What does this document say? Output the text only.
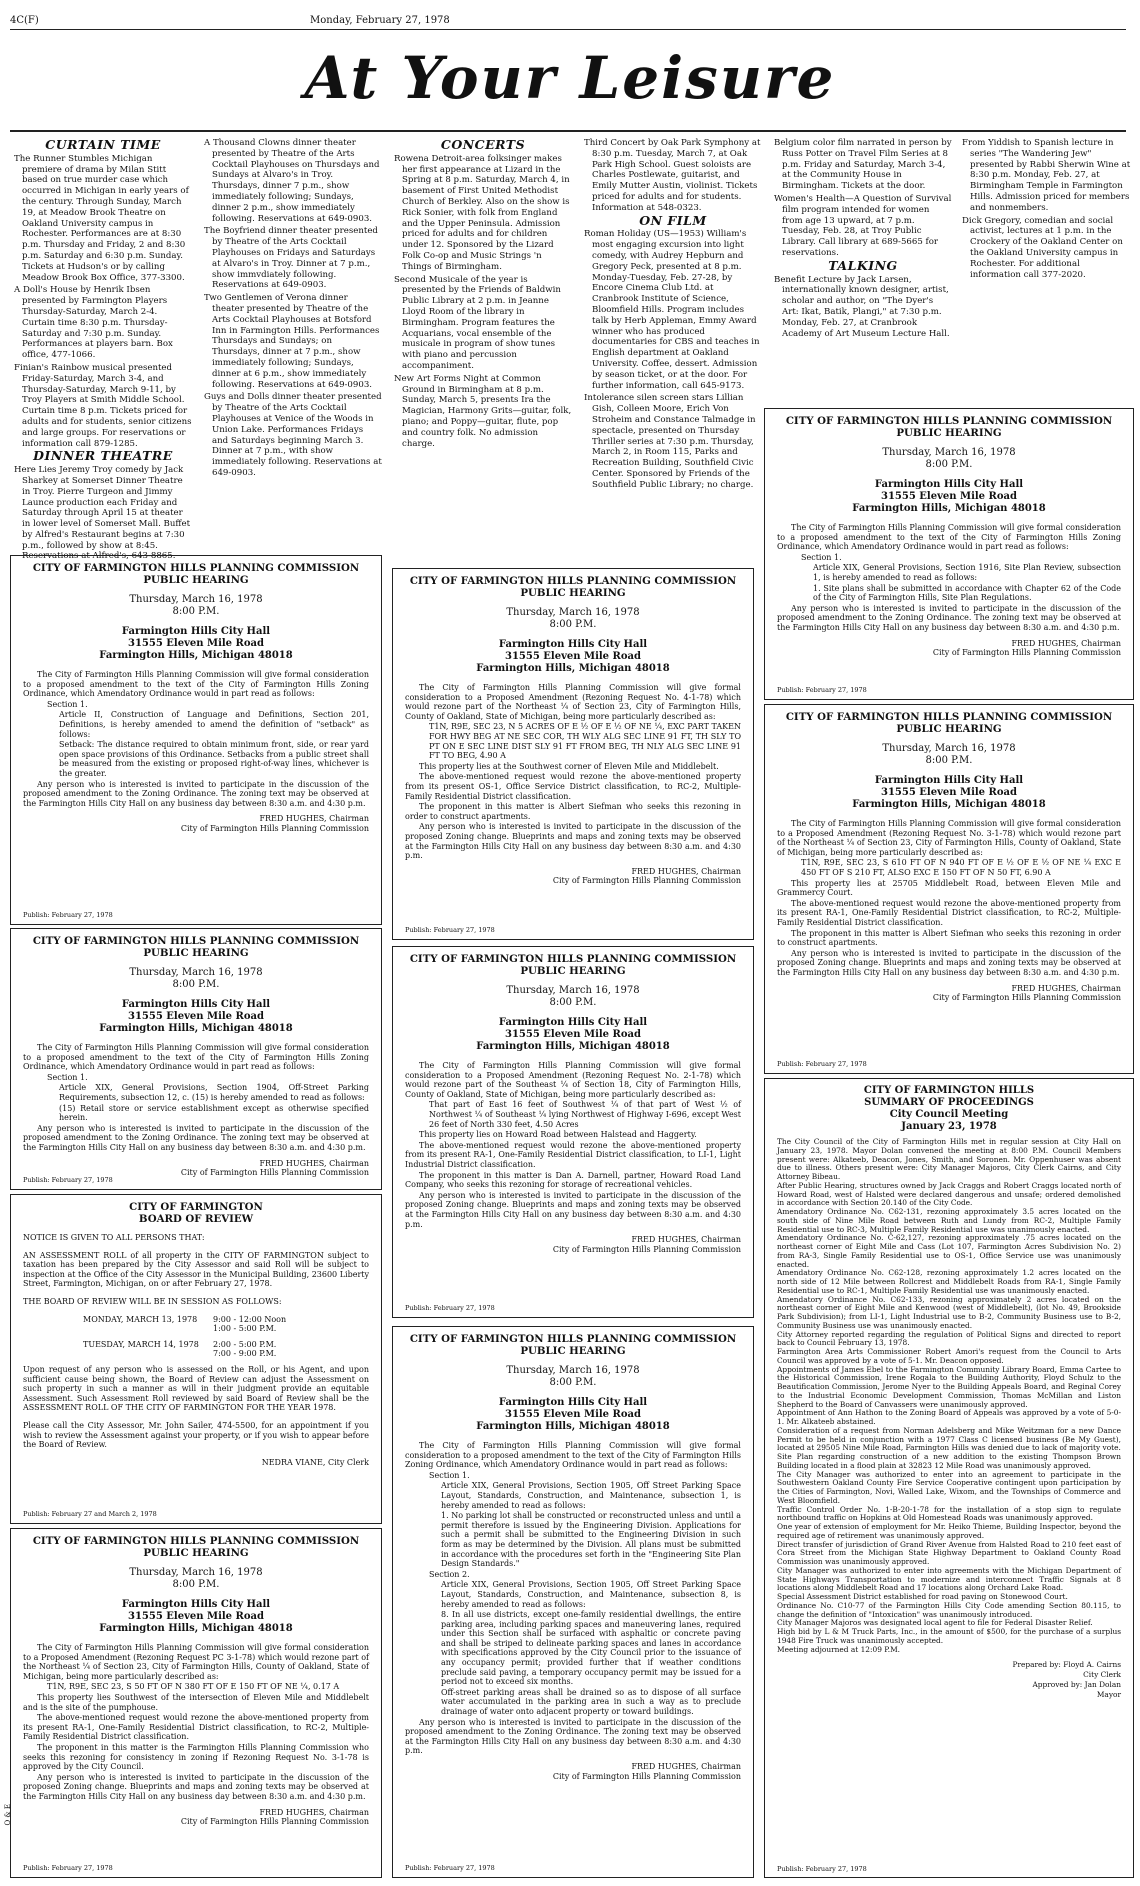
4C(F)	Monday, February 27, 1978
At Your Leisure
CURTAIN TIME

The Runner Stumbles Michigan premiere of drama by Milan Stitt based on true murder case which occurred in Michigan in early years of the century. Through Sunday, March 19, at Meadow Brook Theatre on Oakland University campus in Rochester. Performances are at 8:30 p.m. Thursday and Friday, 2 and 8:30 p.m. Saturday and 6:30 p.m. Sunday. Tickets at Hudson's or by calling Meadow Brook Box Office, 377-3300.

A Doll's House by Henrik Ibsen presented by Farmington Players Thursday-Saturday, March 2-4. Curtain time 8:30 p.m. Thursday-Saturday and 7:30 p.m. Sunday. Performances at players barn. Box office, 477-1066.

Finian's Rainbow musical presented Friday-Saturday, March 3-4, and Thursday-Saturday, March 9-11, by Troy Players at Smith Middle School. Curtain time 8 p.m. Tickets priced for adults and for students, senior citizens and large groups. For reservations or information call 879-1285.

DINNER THEATRE

Here Lies Jeremy Troy comedy by Jack Sharkey at Somerset Dinner Theatre in Troy. Pierre Turgeon and Jimmy Launce production each Friday and Saturday through April 15 at theater in lower level of Somerset Mall. Buffet by Alfred's Restaurant begins at 7:30 p.m., followed by show at 8:45. Reservations at Alfred's, 643-8865.

A Thousand Clowns dinner theater presented by Theatre of the Arts Cocktail Playhouses on Thursdays and Sundays at Alvaro's in Troy. Thursdays, dinner 7 p.m., show immediately following; Sundays, dinner 2 p.m., show immediately following. Reservations at 649-0903.

The Boyfriend dinner theater presented by Theatre of the Arts Cocktail Playhouses on Fridays and Saturdays at Alvaro's in Troy. Dinner at 7 p.m., show immvdiately following. Reservations at 649-0903.

Two Gentlemen of Verona dinner theater presented by Theatre of the Arts Cocktail Playhouses at Botsford Inn in Farmington Hills. Performances Thursdays and Sundays; on Thursdays, dinner at 7 p.m., show immediately following; Sundays, dinner at 6 p.m., show immediately following. Reservations at 649-0903.

Guys and Dolls dinner theater presented by Theatre of the Arts Cocktail Playhouses at Venice of the Woods in Union Lake. Performances Fridays and Saturdays beginning March 3. Dinner at 7 p.m., with show immediately following. Reservations at 649-0903.

CONCERTS

Rowena Detroit-area folksinger makes her first appearance at Lizard in the Spring at 8 p.m. Saturday, March 4, in basement of First United Methodist Church of Berkley. Also on the show is Rick Sonier, with folk from England and the Upper Peninsula. Admission priced for adults and for children under 12. Sponsored by the Lizard Folk Co-op and Music Strings 'n Things of Birmingham.

Second Musicale of the year is presented by the Friends of Baldwin Public Library at 2 p.m. in Jeanne Lloyd Room of the library in Birmingham. Program features the Acquarians, vocal ensemble of the musicale in program of show tunes with piano and percussion accompaniment.

New Art Forms Night at Common Ground in Birmingham at 8 p.m. Sunday, March 5, presents Ira the Magician, Harmony Grits—guitar, folk, piano; and Poppy—guitar, flute, pop and country folk. No admission charge.

Third Concert by Oak Park Symphony at 8:30 p.m. Tuesday, March 7, at Oak Park High School. Guest soloists are Charles Postlewate, guitarist, and Emily Mutter Austin, violinist. Tickets priced for adults and for students. Information at 548-0323.

ON FILM

Roman Holiday (US—1953) William's most engaging excursion into light comedy, with Audrey Hepburn and Gregory Peck, presented at 8 p.m. Monday-Tuesday, Feb. 27-28, by Encore Cinema Club Ltd. at Cranbrook Institute of Science, Bloomfield Hills. Program includes talk by Herb Appleman, Emmy Award winner who has produced documentaries for CBS and teaches in English department at Oakland University. Coffee, dessert. Admission by season ticket, or at the door. For further information, call 645-9173.

Intolerance silen screen stars Lillian Gish, Colleen Moore, Erich Von Stroheim and Constance Talmadge in spectacle, presented on Thursday Thriller series at 7:30 p.m. Thursday, March 2, in Room 115, Parks and Recreation Building, Southfield Civic Center. Sponsored by Friends of the Southfield Public Library; no charge.

Belgium color film narrated in person by Russ Potter on Travel Film Series at 8 p.m. Friday and Saturday, March 3-4, at the Community House in Birmingham. Tickets at the door.

Women's Health—A Question of Survival film program intended for women from age 13 upward, at 7 p.m. Tuesday, Feb. 28, at Troy Public Library. Call library at 689-5665 for reservations.

TALKING

Benefit Lecture by Jack Larsen, internationally known designer, artist, scholar and author, on "The Dyer's Art: Ikat, Batik, Plangi," at 7:30 p.m. Monday, Feb. 27, at Cranbrook Academy of Art Museum Lecture Hall.

From Yiddish to Spanish lecture in series "The Wandering Jew" presented by Rabbi Sherwin Wine at 8:30 p.m. Monday, Feb. 27, at Birmingham Temple in Farmington Hills. Admission priced for members and nonmembers.

Dick Gregory, comedian and social activist, lectures at 1 p.m. in the Crockery of the Oakland Center on the Oakland University campus in Rochester. For additional information call 377-2020.

CITY OF FARMINGTON HILLS PLANNING COMMISSION
PUBLIC HEARING
Thursday, March 16, 1978
8:00 P.M.
Farmington Hills City Hall
31555 Eleven Mile Road
Farmington Hills, Michigan 48018

The City of Farmington Hills Planning Commission will give formal consideration to a proposed amendment to the text of the City of Farmington Hills Zoning Ordinance, which Amendatory Ordinance would in part read as follows:

Section 1.

Article II, Construction of Language and Definitions, Section 201, Definitions, is hereby amended to amend the definition of "setback" as follows:

Setback: The distance required to obtain minimum front, side, or rear yard open space provisions of this Ordinance. Setbacks from a public street shall be measured from the existing or proposed right-of-way lines, whichever is the greater.

Any person who is interested is invited to participate in the discussion of the proposed amendment to the Zoning Ordinance. The zoning text may be observed at the Farmington Hills City Hall on any business day between 8:30 a.m. and 4:30 p.m.

FRED HUGHES, Chairman
City of Farmington Hills Planning Commission
Publish: February 27, 1978
CITY OF FARMINGTON HILLS PLANNING COMMISSION
PUBLIC HEARING
Thursday, March 16, 1978
8:00 P.M.
Farmington Hills City Hall
31555 Eleven Mile Road
Farmington Hills, Michigan 48018

The City of Farmington Hills Planning Commission will give formal consideration to a proposed amendment to the text of the City of Farmington Hills Zoning Ordinance, which Amendatory Ordinance would in part read as follows:

Section 1.

Article XIX, General Provisions, Section 1904, Off-Street Parking Requirements, subsection 12, c. (15) is hereby amended to read as follows:

(15) Retail store or service establishment except as otherwise specified herein.

Any person who is interested is invited to participate in the discussion of the proposed amendment to the Zoning Ordinance. The zoning text may be observed at the Farmington Hills City Hall on any business day between 8:30 a.m. and 4:30 p.m.

FRED HUGHES, Chairman
City of Farmington Hills Planning Commission
Publish: February 27, 1978
CITY OF FARMINGTON
BOARD OF REVIEW

NOTICE IS GIVEN TO ALL PERSONS THAT:

AN ASSESSMENT ROLL of all property in the CITY OF FARMINGTON subject to taxation has been prepared by the City Assessor and said Roll will be subject to inspection at the Office of the City Assessor in the Municipal Building, 23600 Liberty Street, Farmington, Michigan, on or after February 27, 1978.

THE BOARD OF REVIEW WILL BE IN SESSION AS FOLLOWS:

MONDAY, MARCH 13, 1978	9:00 - 12:00 Noon
1:00 - 5:00 P.M.
TUESDAY, MARCH 14, 1978	2:00 - 5:00 P.M.
7:00 - 9:00 P.M.

Upon request of any person who is assessed on the Roll, or his Agent, and upon sufficient cause being shown, the Board of Review can adjust the Assessment on such property in such a manner as will in their judgment provide an equitable Assessment. Such Assessment Roll reviewed by said Board of Review shall be the ASSESSMENT ROLL OF THE CITY OF FARMINGTON FOR THE YEAR 1978.

Please call the City Assessor, Mr. John Sailer, 474-5500, for an appointment if you wish to review the Assessment against your property, or if you wish to appear before the Board of Review.

NEDRA VIANE, City Clerk
Publish: February 27 and March 2, 1978
CITY OF FARMINGTON HILLS PLANNING COMMISSION
PUBLIC HEARING
Thursday, March 16, 1978
8:00 P.M.
Farmington Hills City Hall
31555 Eleven Mile Road
Farmington Hills, Michigan 48018

The City of Farmington Hills Planning Commission will give formal consideration to a Proposed Amendment (Rezoning Request PC 3-1-78) which would rezone part of the Northeast ¼ of Section 23, City of Farmington Hills, County of Oakland, State of Michigan, being more particularly described as:

T1N, R9E, SEC 23, S 50 FT OF N 380 FT OF E 150 FT OF NE ¼, 0.17 A

This property lies Southwest of the intersection of Eleven Mile and Middlebelt and is the site of the pumphouse.

The above-mentioned request would rezone the above-mentioned property from its present RA-1, One-Family Residential District classification, to RC-2, Multiple-Family Residential District classification.

The proponent in this matter is the Farmington Hills Planning Commission who seeks this rezoning for consistency in zoning if Rezoning Request No. 3-1-78 is approved by the City Council.

Any person who is interested is invited to participate in the discussion of the proposed Zoning change. Blueprints and maps and zoning texts may be observed at the Farmington Hills City Hall on any business day between 8:30 a.m. and 4:30 p.m.

FRED HUGHES, Chairman
City of Farmington Hills Planning Commission
Publish: February 27, 1978
CITY OF FARMINGTON HILLS PLANNING COMMISSION
PUBLIC HEARING
Thursday, March 16, 1978
8:00 P.M.
Farmington Hills City Hall
31555 Eleven Mile Road
Farmington Hills, Michigan 48018

The City of Farmington Hills Planning Commission will give formal consideration to a Proposed Amendment (Rezoning Request No. 4-1-78) which would rezone part of the Northeast ¼ of Section 23, City of Farmington Hills, County of Oakland, State of Michigan, being more particularly described as:

T1N, R9E, SEC 23, N 5 ACRES OF E ½ OF E ½ OF NE ¼, EXC PART TAKEN FOR HWY BEG AT NE SEC COR, TH WLY ALG SEC LINE 91 FT, TH SLY TO PT ON E SEC LINE DIST SLY 91 FT FROM BEG, TH NLY ALG SEC LINE 91 FT TO BEG, 4.90 A

This property lies at the Southwest corner of Eleven Mile and Middlebelt.

The above-mentioned request would rezone the above-mentioned property from its present OS-1, Office Service District classification, to RC-2, Multiple-Family Residential District classification.

The proponent in this matter is Albert Siefman who seeks this rezoning in order to construct apartments.

Any person who is interested is invited to participate in the discussion of the proposed Zoning change. Blueprints and maps and zoning texts may be observed at the Farmington Hills City Hall on any business day between 8:30 a.m. and 4:30 p.m.

FRED HUGHES, Chairman
City of Farmington Hills Planning Commission
Publish: February 27, 1978
CITY OF FARMINGTON HILLS PLANNING COMMISSION
PUBLIC HEARING
Thursday, March 16, 1978
8:00 P.M.
Farmington Hills City Hall
31555 Eleven Mile Road
Farmington Hills, Michigan 48018

The City of Farmington Hills Planning Commission will give formal consideration to a Proposed Amendment (Rezoning Request No. 2-1-78) which would rezone part of the Southeast ¼ of Section 18, City of Farmington Hills, County of Oakland, State of Michigan, being more particularly described as:

That part of East 16 feet of Southwest ¼ of that part of West ½ of Northwest ¼ of Southeast ¼ lying Northwest of Highway I-696, except West 26 feet of North 330 feet, 4.50 Acres

This property lies on Howard Road between Halstead and Haggerty.

The above-mentioned request would rezone the above-mentioned property from its present RA-1, One-Family Residential District classification, to LI-1, Light Industrial District classification.

The proponent in this matter is Dan A. Darnell, partner, Howard Road Land Company, who seeks this rezoning for storage of recreational vehicles.

Any person who is interested is invited to participate in the discussion of the proposed Zoning change. Blueprints and maps and zoning texts may be observed at the Farmington Hills City Hall on any business day between 8:30 a.m. and 4:30 p.m.

FRED HUGHES, Chairman
City of Farmington Hills Planning Commission
Publish: February 27, 1978
CITY OF FARMINGTON HILLS PLANNING COMMISSION
PUBLIC HEARING
Thursday, March 16, 1978
8:00 P.M.
Farmington Hills City Hall
31555 Eleven Mile Road
Farmington Hills, Michigan 48018

The City of Farmington Hills Planning Commission will give formal consideration to a proposed amendment to the text of the City of Farmington Hills Zoning Ordinance, which Amendatory Ordinance would in part read as follows:

Section 1.

Article XIX, General Provisions, Section 1905, Off Street Parking Space Layout, Standards, Construction, and Maintenance, subsection 1, is hereby amended to read as follows:

1. No parking lot shall be constructed or reconstructed unless and until a permit therefore is issued by the Engineering Division. Applications for such a permit shall be submitted to the Engineering Division in such form as may be determined by the Division. All plans must be submitted in accordance with the procedures set forth in the "Engineering Site Plan Design Standards."

Section 2.

Article XIX, General Provisions, Section 1905, Off Street Parking Space Layout, Standards, Construction, and Maintenance, subsection 8, is hereby amended to read as follows:

8. In all use districts, except one-family residential dwellings, the entire parking area, including parking spaces and maneuvering lanes, required under this Section shall be surfaced with asphaltic or concrete paving and shall be striped to delineate parking spaces and lanes in accordance with specifications approved by the City Council prior to the issuance of any occupancy permit; provided further that if weather conditions preclude said paving, a temporary occupancy permit may be issued for a period not to exceed six months.

Off-street parking areas shall be drained so as to dispose of all surface water accumulated in the parking area in such a way as to preclude drainage of water onto adjacent property or toward buildings.

Any person who is interested is invited to participate in the discussion of the proposed amendment to the Zoning Ordinance. The zoning text may be observed at the Farmington Hills City Hall on any business day between 8:30 a.m. and 4:30 p.m.

FRED HUGHES, Chairman
City of Farmington Hills Planning Commission
Publish: February 27, 1978
CITY OF FARMINGTON HILLS PLANNING COMMISSION
PUBLIC HEARING
Thursday, March 16, 1978
8:00 P.M.
Farmington Hills City Hall
31555 Eleven Mile Road
Farmington Hills, Michigan 48018

The City of Farmington Hills Planning Commission will give formal consideration to a proposed amendment to the text of the City of Farmington Hills Zoning Ordinance, which Amendatory Ordinance would in part read as follows:

Section 1.

Article XIX, General Provisions, Section 1916, Site Plan Review, subsection 1, is hereby amended to read as follows:

1. Site plans shall be submitted in accordance with Chapter 62 of the Code of the City of Farmington Hills, Site Plan Regulations.

Any person who is interested is invited to participate in the discussion of the proposed amendment to the Zoning Ordinance. The zoning text may be observed at the Farmington Hills City Hall on any business day between 8:30 a.m. and 4:30 p.m.

FRED HUGHES, Chairman
City of Farmington Hills Planning Commission
Publish: February 27, 1978
CITY OF FARMINGTON HILLS PLANNING COMMISSION
PUBLIC HEARING
Thursday, March 16, 1978
8:00 P.M.
Farmington Hills City Hall
31555 Eleven Mile Road
Farmington Hills, Michigan 48018

The City of Farmington Hills Planning Commission will give formal consideration to a Proposed Amendment (Rezoning Request No. 3-1-78) which would rezone part of the Northeast ¼ of Section 23, City of Farmington Hills, County of Oakland, State of Michigan, being more particularly described as:

T1N, R9E, SEC 23, S 610 FT OF N 940 FT OF E ½ OF E ½ OF NE ¼ EXC E 450 FT OF S 210 FT, ALSO EXC E 150 FT OF N 50 FT, 6.90 A

This property lies at 25705 Middlebelt Road, between Eleven Mile and Grammercy Court.

The above-mentioned request would rezone the above-mentioned property from its present RA-1, One-Family Residential District classification, to RC-2, Multiple-Family Residential District classification.

The proponent in this matter is Albert Siefman who seeks this rezoning in order to construct apartments.

Any person who is interested is invited to participate in the discussion of the proposed Zoning change. Blueprints and maps and zoning texts may be observed at the Farmington Hills City Hall on any business day between 8:30 a.m. and 4:30 p.m.

FRED HUGHES, Chairman
City of Farmington Hills Planning Commission
Publish: February 27, 1978
CITY OF FARMINGTON HILLS
SUMMARY OF PROCEEDINGS
City Council Meeting
January 23, 1978

The City Council of the City of Farmington Hills met in regular session at City Hall on January 23, 1978. Mayor Dolan convened the meeting at 8:00 P.M. Council Members present were: Alkateeb, Deacon, Jones, Smith, and Soronen. Mr. Oppenhuser was absent due to illness. Others present were: City Manager Majoros, City Clerk Cairns, and City Attorney Bibeau.

After Public Hearing, structures owned by Jack Craggs and Robert Craggs located north of Howard Road, west of Halsted were declared dangerous and unsafe; ordered demolished in accordance with Section 20.140 of the City Code.

Amendatory Ordinance No. C62-131, rezoning approximately 3.5 acres located on the south side of Nine Mile Road between Ruth and Lundy from RC-2, Multiple Family Residential use to RC-3, Multiple Family Residential use was unanimously enacted.

Amendatory Ordinance No. C-62,127, rezoning approximately .75 acres located on the northeast corner of Eight Mile and Cass (Lot 107, Farmington Acres Subdivision No. 2) from RA-3, Single Family Residential use to OS-1, Office Service use was unanimously enacted.

Amendatory Ordinance No. C62-128, rezoning approximately 1.2 acres located on the north side of 12 Mile between Rollcrest and Middlebelt Roads from RA-1, Single Family Residential use to RC-1, Multiple Family Residential use was unanimously enacted.

Amendatory Ordinance No. C62-133, rezoning approximately 2 acres located on the northeast corner of Eight Mile and Kenwood (west of Middlebelt), (lot No. 49, Brookside Park Subdivision); from LI-1, Light Industrial use to B-2, Community Business use to B-2, Community Business use was unanimously enacted.

City Attorney reported regarding the regulation of Political Signs and directed to report back to Council February 13, 1978.

Farmington Area Arts Commissioner Robert Amori's request from the Council to Arts Council was approved by a vote of 5-1. Mr. Deacon opposed.

Appointments of James Ebel to the Farmington Community Library Board, Emma Cartee to the Historical Commission, Irene Rogala to the Building Authority, Floyd Schulz to the Beautification Commission, Jerome Nyer to the Building Appeals Board, and Reginal Corey to the Industrial Economic Development Commission, Thomas McMillan and Liston Shepherd to the Board of Canvassers were unanimously approved.

Appointment of Ann Hathon to the Zoning Board of Appeals was approved by a vote of 5-0-1. Mr. Alkateeb abstained.

Consideration of a request from Norman Adelsberg and Mike Weitzman for a new Dance Permit to be held in conjunction with a 1977 Class C licensed business (Be My Guest), located at 29505 Nine Mile Road, Farmington Hills was denied due to lack of majority vote.

Site Plan regarding construction of a new addition to the existing Thompson Brown Building located in a flood plain at 32823 12 Mile Road was unanimously approved.

The City Manager was authorized to enter into an agreement to participate in the Southwestern Oakland County Fire Service Cooperative contingent upon participation by the Cities of Farmington, Novi, Walled Lake, Wixom, and the Townships of Commerce and West Bloomfield.

Traffic Control Order No. 1-B-20-1-78 for the installation of a stop sign to regulate northbound traffic on Hopkins at Old Homestead Roads was unanimously approved.

One year of extension of employment for Mr. Heiko Thieme, Building Inspector, beyond the required age of retirement was unanimously approved.

Direct transfer of jurisdiction of Grand River Avenue from Halsted Road to 210 feet east of Cora Street from the Michigan State Highway Department to Oakland County Road Commission was unanimously approved.

City Manager was authorized to enter into agreements with the Michigan Department of State Highways Transportation to modernize and interconnect Traffic Signals at 8 locations along Middlebelt Road and 17 locations along Orchard Lake Road.

Special Assessment District established for road paving on Stonewood Court.

Ordinance No. C10-77 of the Farmington Hills City Code amending Section 80.115, to change the definition of "Intoxication" was unanimously introduced.

City Manager Majoros was designated local agent to file for Federal Disaster Relief.

High bid by L & M Truck Parts, Inc., in the amount of $500, for the purchase of a surplus 1948 Fire Truck was unanimously accepted.

Meeting adjourned at 12:09 P.M.

Prepared by: Floyd A. Cairns
City Clerk
Approved by: Jan Dolan
Mayor
Publish: February 27, 1978
O & E
